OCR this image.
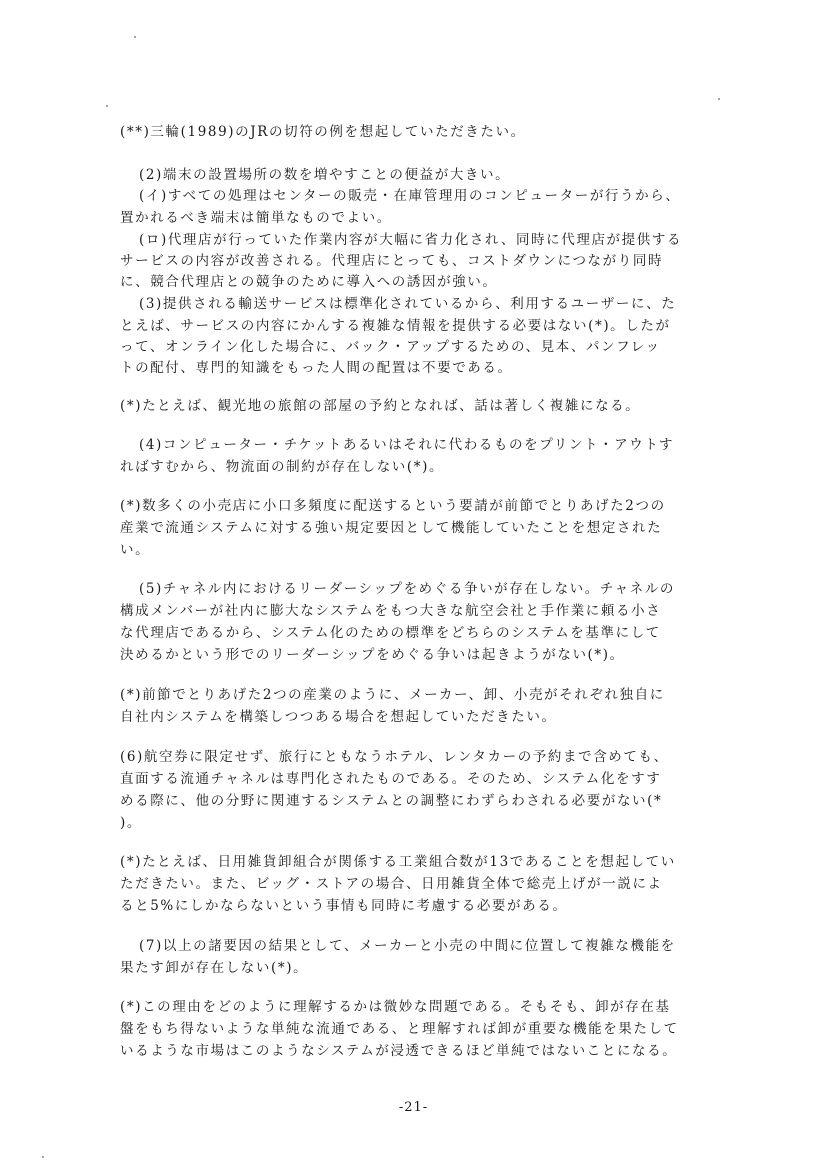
(**)三輪(1989)のJRの切符の例を想起していただきたい。
(2)端末の設置場所の数を増やすことの便益が大きい。
(イ)すべての処理はセンターの販売・在庫管理用のコンピューターが行うから、
置かれるべき端末は簡単なものでよい。
(ロ)代理店が行っていた作業内容が大幅に省力化され、同時に代理店が提供する
サービスの内容が改善される。代理店にとっても、コストダウンにつながり同時
に、競合代理店との競争のために導入への誘因が強い。
(3)提供される輸送サービスは標準化されているから、利用するユーザーに、た
とえば、サービスの内容にかんする複雑な情報を提供する必要はない(*)。したが
って、オンライン化した場合に、バック・アップするための、見本、パンフレッ
トの配付、専門的知識をもった人間の配置は不要である。
(*)たとえば、観光地の旅館の部屋の予約となれば、話は著しく複雑になる。
(4)コンピューター・チケットあるいはそれに代わるものをプリント・アウトす
ればすむから、物流面の制約が存在しない(*)。
(*)数多くの小売店に小口多頻度に配送するという要請が前節でとりあげた2つの
産業で流通システムに対する強い規定要因として機能していたことを想定された
い。
(5)チャネル内におけるリーダーシップをめぐる争いが存在しない。チャネルの
構成メンバーが社内に膨大なシステムをもつ大きな航空会社と手作業に頼る小さ
な代理店であるから、システム化のための標準をどちらのシステムを基準にして
決めるかという形でのリーダーシップをめぐる争いは起きようがない(*)。
(*)前節でとりあげた2つの産業のように、メーカー、卸、小売がそれぞれ独自に
自社内システムを構築しつつある場合を想起していただきたい。
(6)航空券に限定せず、旅行にともなうホテル、レンタカーの予約まで含めても、
直面する流通チャネルは専門化されたものである。そのため、システム化をすす
める際に、他の分野に関連するシステムとの調整にわずらわされる必要がない(*
)。
(*)たとえば、日用雑貨卸組合が関係する工業組合数が13であることを想起してい
ただきたい。また、ビッグ・ストアの場合、日用雑貨全体で総売上げが一説によ
ると5%にしかならないという事情も同時に考慮する必要がある。
(7)以上の諸要因の結果として、メーカーと小売の中間に位置して複雑な機能を
果たす卸が存在しない(*)。
(*)この理由をどのように理解するかは微妙な問題である。そもそも、卸が存在基
盤をもち得ないような単純な流通である、と理解すれば卸が重要な機能を果たして
いるような市場はこのようなシステムが浸透できるほど単純ではないことになる。
-21-
